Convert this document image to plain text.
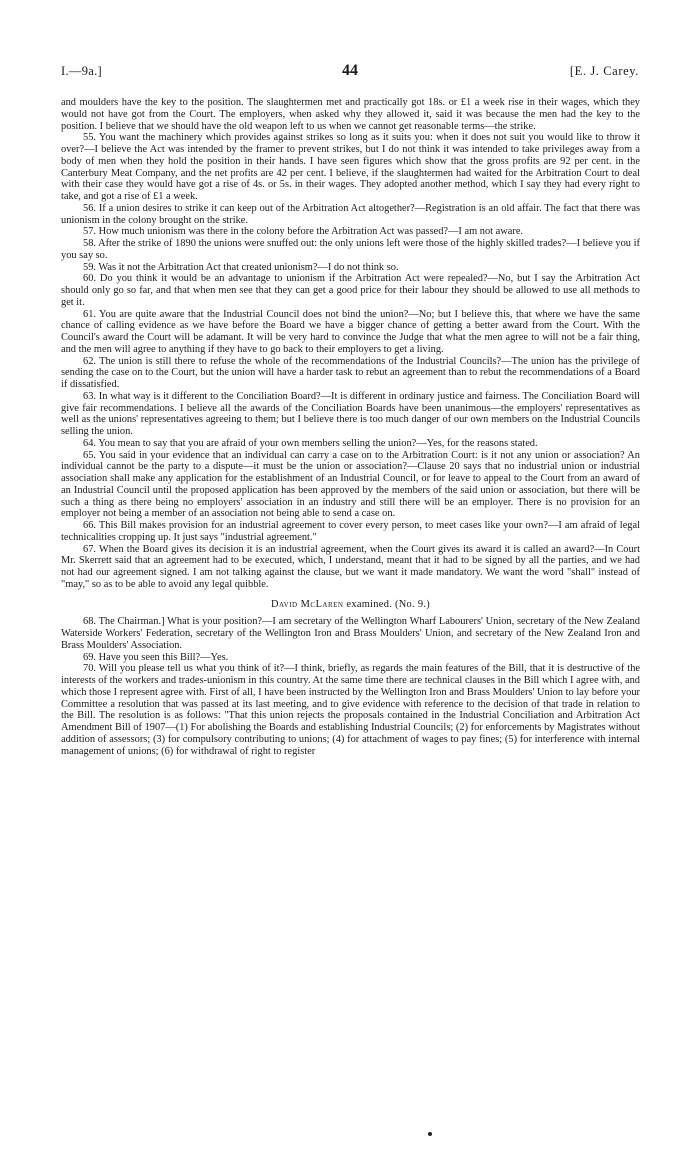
I.—9a.]	44	[E. J. Carey.

and moulders have the key to the position. The slaughtermen met and practically got 18s. or £1 a week rise in their wages, which they would not have got from the Court. The employers, when asked why they allowed it, said it was because the men had the key to the position. I believe that we should have the old weapon left to us when we cannot get reasonable terms—the strike.

55. You want the machinery which provides against strikes so long as it suits you: when it does not suit you would like to throw it over?—I believe the Act was intended by the framer to prevent strikes, but I do not think it was intended to take privileges away from a body of men when they hold the position in their hands. I have seen figures which show that the gross profits are 92 per cent. in the Canterbury Meat Company, and the net profits are 42 per cent. I believe, if the slaughtermen had waited for the Arbitration Court to deal with their case they would have got a rise of 4s. or 5s. in their wages. They adopted another method, which I say they had every right to take, and got a rise of £1 a week.

56. If a union desires to strike it can keep out of the Arbitration Act altogether?—Registration is an old affair. The fact that there was unionism in the colony brought on the strike.

57. How much unionism was there in the colony before the Arbitration Act was passed?—I am not aware.

58. After the strike of 1890 the unions were snuffed out: the only unions left were those of the highly skilled trades?—I believe you if you say so.

59. Was it not the Arbitration Act that created unionism?—I do not think so.

60. Do you think it would be an advantage to unionism if the Arbitration Act were repealed?—No, but I say the Arbitration Act should only go so far, and that when men see that they can get a good price for their labour they should be allowed to use all methods to get it.

61. You are quite aware that the Industrial Council does not bind the union?—No; but I believe this, that where we have the same chance of calling evidence as we have before the Board we have a bigger chance of getting a better award from the Court. With the Council's award the Court will be adamant. It will be very hard to convince the Judge that what the men agree to will not be a fair thing, and the men will agree to anything if they have to go back to their employers to get a living.

62. The union is still there to refuse the whole of the recommendations of the Industrial Councils?—The union has the privilege of sending the case on to the Court, but the union will have a harder task to rebut an agreement than to rebut the recommendations of a Board if dissatisfied.

63. In what way is it different to the Conciliation Board?—It is different in ordinary justice and fairness. The Conciliation Board will give fair recommendations. I believe all the awards of the Conciliation Boards have been unanimous—the employers' representatives as well as the unions' representatives agreeing to them; but I believe there is too much danger of our own members on the Industrial Councils selling the union.

64. You mean to say that you are afraid of your own members selling the union?—Yes, for the reasons stated.

65. You said in your evidence that an individual can carry a case on to the Arbitration Court: is it not any union or association? An individual cannot be the party to a dispute—it must be the union or association?—Clause 20 says that no industrial union or industrial association shall make any application for the establishment of an Industrial Council, or for leave to appeal to the Court from an award of an Industrial Council until the proposed application has been approved by the members of the said union or association, but there will be such a thing as there being no employers' association in an industry and still there will be an employer. There is no provision for an employer not being a member of an association not being able to send a case on.

66. This Bill makes provision for an industrial agreement to cover every person, to meet cases like your own?—I am afraid of legal technicalities cropping up. It just says "industrial agreement."

67. When the Board gives its decision it is an industrial agreement, when the Court gives its award it is called an award?—In Court Mr. Skerrett said that an agreement had to be executed, which, I understand, meant that it had to be signed by all the parties, and we had not had our agreement signed. I am not talking against the clause, but we want it made mandatory. We want the word "shall" instead of "may," so as to be able to avoid any legal quibble.

David McLaren examined. (No. 9.)

68. The Chairman.] What is your position?—I am secretary of the Wellington Wharf Labourers' Union, secretary of the New Zealand Waterside Workers' Federation, secretary of the Wellington Iron and Brass Moulders' Union, and secretary of the New Zealand Iron and Brass Moulders' Association.

69. Have you seen this Bill?—Yes.

70. Will you please tell us what you think of it?—I think, briefly, as regards the main features of the Bill, that it is destructive of the interests of the workers and trades-unionism in this country. At the same time there are technical clauses in the Bill which I agree with, and which those I represent agree with. First of all, I have been instructed by the Wellington Iron and Brass Moulders' Union to lay before your Committee a resolution that was passed at its last meeting, and to give evidence with reference to the decision of that trade in relation to the Bill. The resolution is as follows: "That this union rejects the proposals contained in the Industrial Conciliation and Arbitration Act Amendment Bill of 1907—(1) For abolishing the Boards and establishing Industrial Councils; (2) for enforcements by Magistrates without addition of assessors; (3) for compulsory contributing to unions; (4) for attachment of wages to pay fines; (5) for interference with internal management of unions; (6) for withdrawal of right to register
